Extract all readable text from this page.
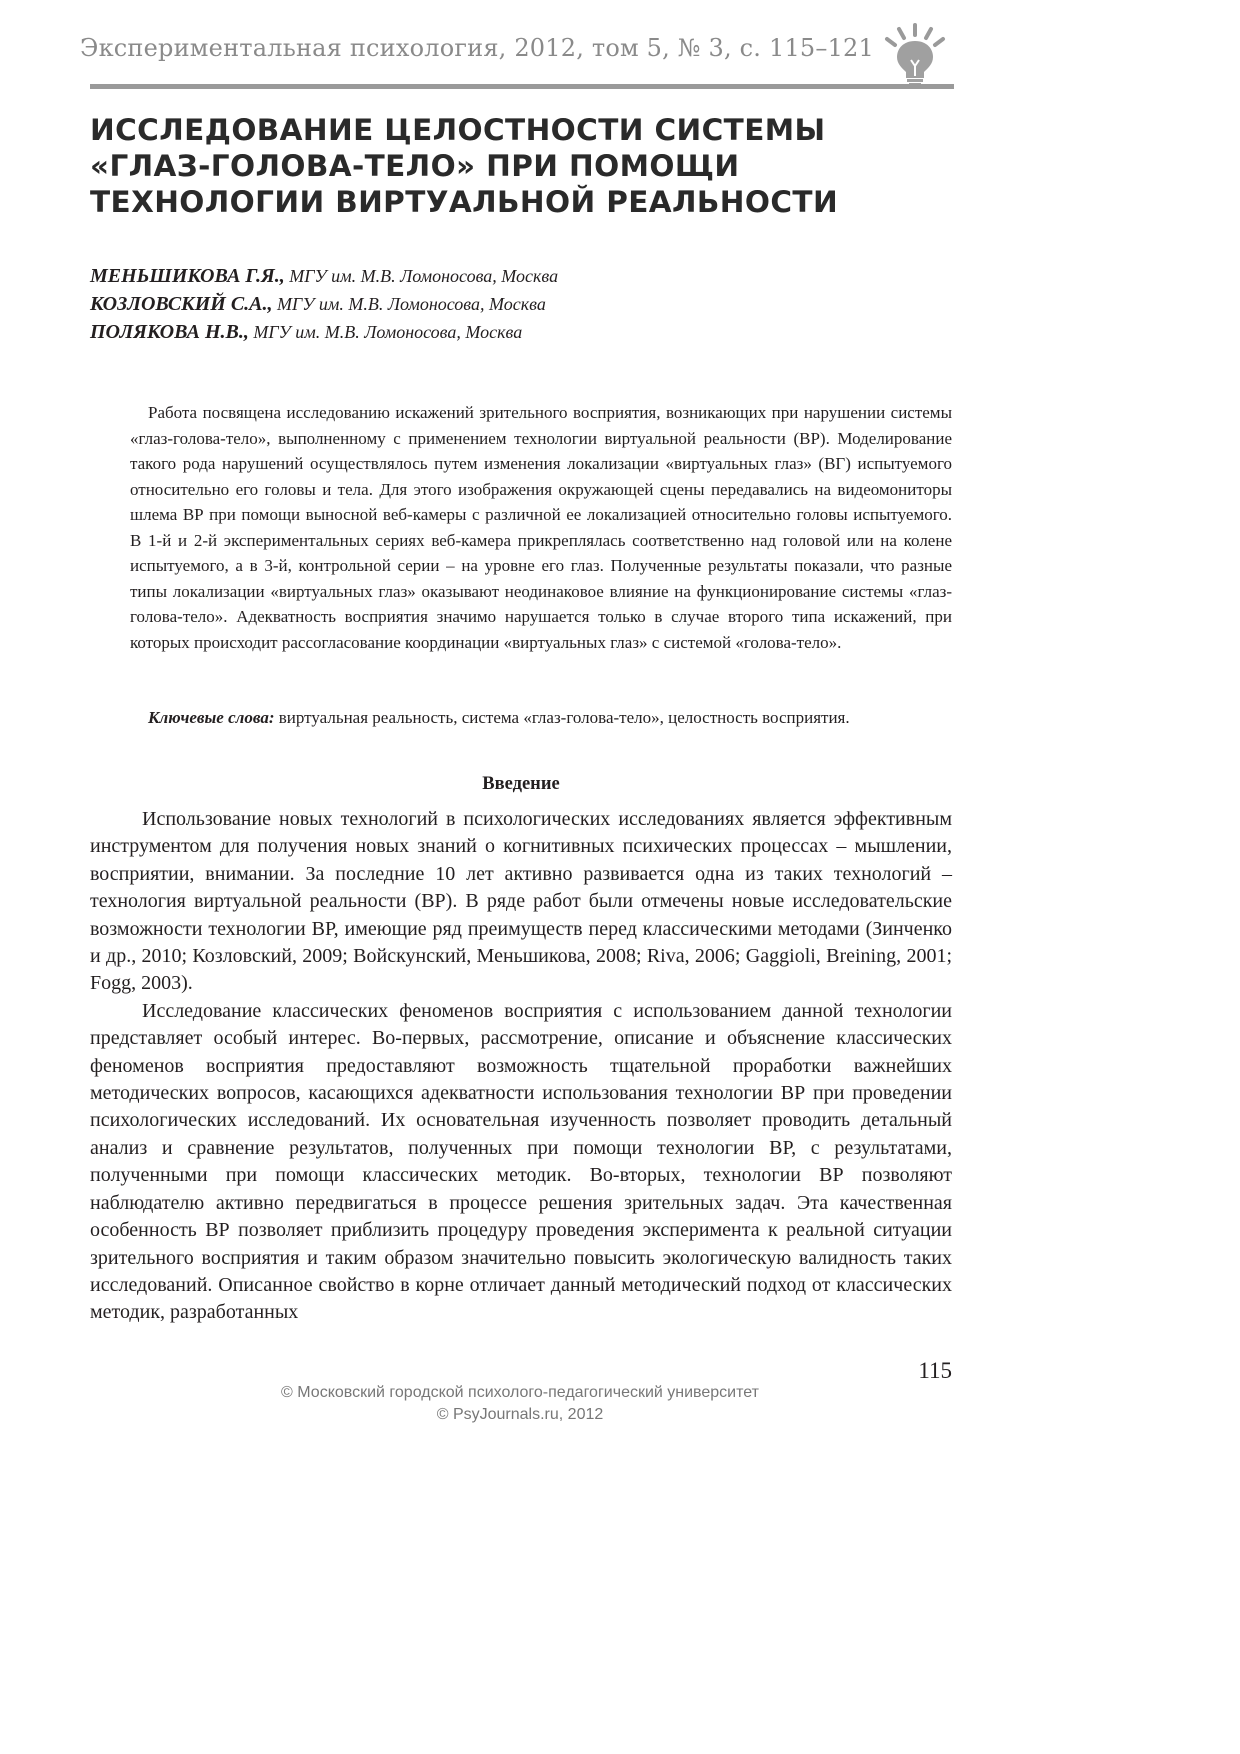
Экспериментальная психология, 2012, том 5, № 3, с. 115–121
ИССЛЕДОВАНИЕ ЦЕЛОСТНОСТИ СИСТЕМЫ
«ГЛАЗ-ГОЛОВА-ТЕЛО» ПРИ ПОМОЩИ
ТЕХНОЛОГИИ ВИРТУАЛЬНОЙ РЕАЛЬНОСТИ
МЕНЬШИКОВА Г.Я., МГУ им. М.В. Ломоносова, Москва
КОЗЛОВСКИЙ С.А., МГУ им. М.В. Ломоносова, Москва
ПОЛЯКОВА Н.В., МГУ им. М.В. Ломоносова, Москва

Работа посвящена исследованию искажений зрительного восприятия, возникающих при нарушении системы «глаз-голова-тело», выполненному с применением технологии виртуальной реальности (ВР). Моделирование такого рода нарушений осуществлялось путем изменения локализации «виртуальных глаз» (ВГ) испытуемого относительно его головы и тела. Для этого изображения окружающей сцены передавались на видеомониторы шлема ВР при помощи выносной веб-камеры с различной ее локализацией относительно головы испытуемого. В 1-й и 2-й экспериментальных сериях веб-камера прикреплялась соответственно над головой или на колене испытуемого, а в 3-й, контрольной серии – на уровне его глаз. Полученные результаты показали, что разные типы локализации «виртуальных глаз» оказывают неодинаковое влияние на функционирование системы «глаз-голова-тело». Адекватность восприятия значимо нарушается только в случае второго типа искажений, при которых происходит рассогласование координации «виртуальных глаз» с системой «голова-тело».

Ключевые слова: виртуальная реальность, система «глаз-голова-тело», целостность восприятия.

Введение

Использование новых технологий в психологических исследованиях является эффективным инструментом для получения новых знаний о когнитивных психических процессах – мышлении, восприятии, внимании. За последние 10 лет активно развивается одна из таких технологий – технология виртуальной реальности (ВР). В ряде работ были отмечены новые исследовательские возможности технологии ВР, имеющие ряд преимуществ перед классическими методами (Зинченко и др., 2010; Козловский, 2009; Войскунский, Меньшикова, 2008; Riva, 2006; Gaggioli, Breining, 2001; Fogg, 2003).

Исследование классических феноменов восприятия с использованием данной технологии представляет особый интерес. Во-первых, рассмотрение, описание и объяснение классических феноменов восприятия предоставляют возможность тщательной проработки важнейших методических вопросов, касающихся адекватности использования технологии ВР при проведении психологических исследований. Их основательная изученность позволяет проводить детальный анализ и сравнение результатов, полученных при помощи технологии ВР, с результатами, полученными при помощи классических методик. Во-вторых, технологии ВР позволяют наблюдателю активно передвигаться в процессе решения зрительных задач. Эта качественная особенность ВР позволяет приблизить процедуру проведения эксперимента к реальной ситуации зрительного восприятия и таким образом значительно повысить экологическую валидность таких исследований. Описанное свойство в корне отличает данный методический подход от классических методик, разработанных

115
© Московский городской психолого-педагогический университет
© PsyJournals.ru, 2012
